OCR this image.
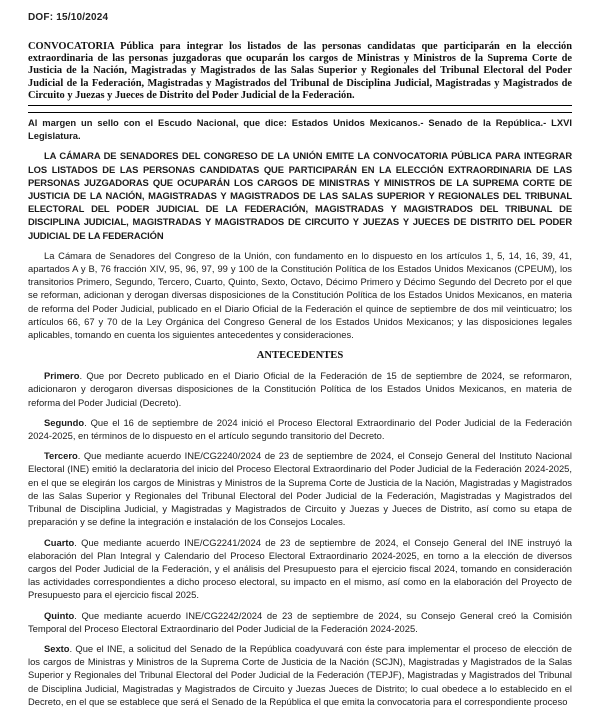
DOF: 15/10/2024

CONVOCATORIA Pública para integrar los listados de las personas candidatas que participarán en la elección extraordinaria de las personas juzgadoras que ocuparán los cargos de Ministras y Ministros de la Suprema Corte de Justicia de la Nación, Magistradas y Magistrados de las Salas Superior y Regionales del Tribunal Electoral del Poder Judicial de la Federación, Magistradas y Magistrados del Tribunal de Disciplina Judicial, Magistradas y Magistrados de Circuito y Juezas y Jueces de Distrito del Poder Judicial de la Federación.

Al margen un sello con el Escudo Nacional, que dice: Estados Unidos Mexicanos.- Senado de la República.- LXVI Legislatura.

LA CÁMARA DE SENADORES DEL CONGRESO DE LA UNIÓN EMITE LA CONVOCATORIA PÚBLICA PARA INTEGRAR LOS LISTADOS DE LAS PERSONAS CANDIDATAS QUE PARTICIPARÁN EN LA ELECCIÓN EXTRAORDINARIA DE LAS PERSONAS JUZGADORAS QUE OCUPARÁN LOS CARGOS DE MINISTRAS Y MINISTROS DE LA SUPREMA CORTE DE JUSTICIA DE LA NACIÓN, MAGISTRADAS Y MAGISTRADOS DE LAS SALAS SUPERIOR Y REGIONALES DEL TRIBUNAL ELECTORAL DEL PODER JUDICIAL DE LA FEDERACIÓN, MAGISTRADAS Y MAGISTRADOS DEL TRIBUNAL DE DISCIPLINA JUDICIAL, MAGISTRADAS Y MAGISTRADOS DE CIRCUITO Y JUEZAS Y JUECES DE DISTRITO DEL PODER JUDICIAL DE LA FEDERACIÓN

La Cámara de Senadores del Congreso de la Unión, con fundamento en lo dispuesto en los artículos 1, 5, 14, 16, 39, 41, apartados A y B, 76 fracción XIV, 95, 96, 97, 99 y 100 de la Constitución Política de los Estados Unidos Mexicanos (CPEUM), los transitorios Primero, Segundo, Tercero, Cuarto, Quinto, Sexto, Octavo, Décimo Primero y Décimo Segundo del Decreto por el que se reforman, adicionan y derogan diversas disposiciones de la Constitución Política de los Estados Unidos Mexicanos, en materia de reforma del Poder Judicial, publicado en el Diario Oficial de la Federación el quince de septiembre de dos mil veinticuatro; los artículos 66, 67 y 70 de la Ley Orgánica del Congreso General de los Estados Unidos Mexicanos; y las disposiciones legales aplicables, tomando en cuenta los siguientes antecedentes y consideraciones.

ANTECEDENTES

Primero. Que por Decreto publicado en el Diario Oficial de la Federación de 15 de septiembre de 2024, se reformaron, adicionaron y derogaron diversas disposiciones de la Constitución Política de los Estados Unidos Mexicanos, en materia de reforma del Poder Judicial (Decreto).

Segundo. Que el 16 de septiembre de 2024 inició el Proceso Electoral Extraordinario del Poder Judicial de la Federación 2024-2025, en términos de lo dispuesto en el artículo segundo transitorio del Decreto.

Tercero. Que mediante acuerdo INE/CG2240/2024 de 23 de septiembre de 2024, el Consejo General del Instituto Nacional Electoral (INE) emitió la declaratoria del inicio del Proceso Electoral Extraordinario del Poder Judicial de la Federación 2024-2025, en el que se elegirán los cargos de Ministras y Ministros de la Suprema Corte de Justicia de la Nación, Magistradas y Magistrados de las Salas Superior y Regionales del Tribunal Electoral del Poder Judicial de la Federación, Magistradas y Magistrados del Tribunal de Disciplina Judicial, y Magistradas y Magistrados de Circuito y Juezas y Jueces de Distrito, así como su etapa de preparación y se define la integración e instalación de los Consejos Locales.

Cuarto. Que mediante acuerdo INE/CG2241/2024 de 23 de septiembre de 2024, el Consejo General del INE instruyó la elaboración del Plan Integral y Calendario del Proceso Electoral Extraordinario 2024-2025, en torno a la elección de diversos cargos del Poder Judicial de la Federación, y el análisis del Presupuesto para el ejercicio fiscal 2024, tomando en consideración las actividades correspondientes a dicho proceso electoral, su impacto en el mismo, así como en la elaboración del Proyecto de Presupuesto para el ejercicio fiscal 2025.

Quinto. Que mediante acuerdo INE/CG2242/2024 de 23 de septiembre de 2024, su Consejo General creó la Comisión Temporal del Proceso Electoral Extraordinario del Poder Judicial de la Federación 2024-2025.

Sexto. Que el INE, a solicitud del Senado de la República coadyuvará con éste para implementar el proceso de elección de los cargos de Ministras y Ministros de la Suprema Corte de Justicia de la Nación (SCJN), Magistradas y Magistrados de la Salas Superior y Regionales del Tribunal Electoral del Poder Judicial de la Federación (TEPJF), Magistradas y Magistrados del Tribunal de Disciplina Judicial, Magistradas y Magistrados de Circuito y Juezas Jueces de Distrito; lo cual obedece a lo establecido en el Decreto, en el que se establece que será el Senado de la República el que emita la convocatoria para el correspondiente proceso
